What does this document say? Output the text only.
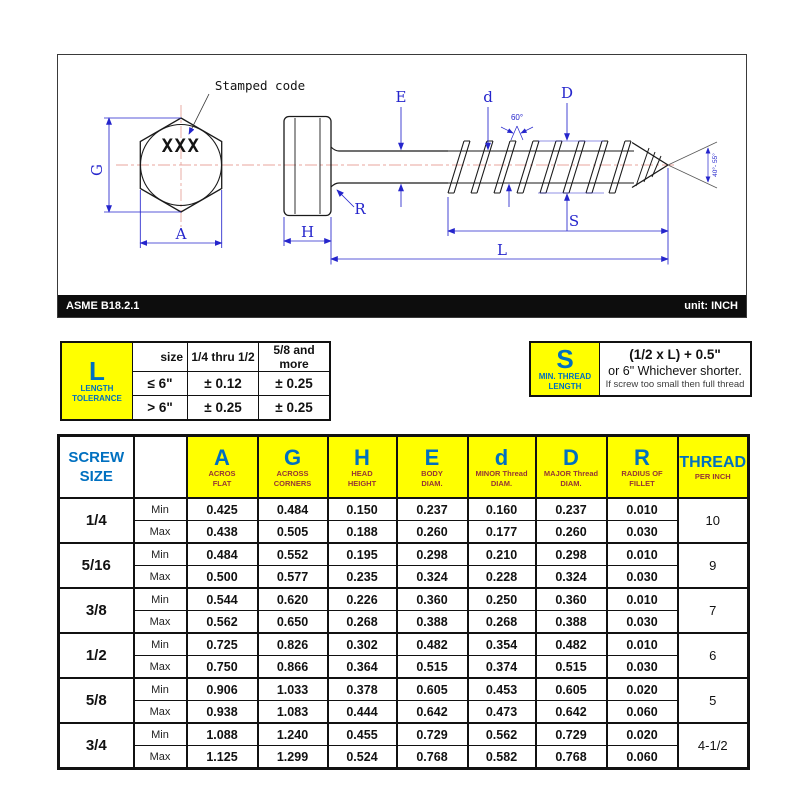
Stamped code
XXX
G
A	H
R
E	d	D
S
L
60°
40°- 55°
ASME B18.2.1	unit: INCH
L
LENGTH
TOLERANCE	size	1/4 thru 1/2	5/8 and more
	≤ 6"	± 0.12	± 0.25
	> 6"	± 0.25	± 0.25
S
MIN. THREAD
LENGTH
(1/2 x L) + 0.5"
or 6" Whichever shorter.
If screw too small then full thread
SCREW
SIZE

A
ACROS
FLAT

G
ACROSS
CORNERS

H
HEAD
HEIGHT

E
BODY
DIAM.

d
MINOR Thread
DIAM.

D
MAJOR Thread
DIAM.

R
RADIUS OF
FILLET

THREAD
PER INCH

1/4	Min	0.425	0.484	0.150	0.237	0.160	0.237	0.010	10
	Max	0.438	0.505	0.188	0.260	0.177	0.260	0.030	
5/16	Min	0.484	0.552	0.195	0.298	0.210	0.298	0.010	9
	Max	0.500	0.577	0.235	0.324	0.228	0.324	0.030	
3/8	Min	0.544	0.620	0.226	0.360	0.250	0.360	0.010	7
	Max	0.562	0.650	0.268	0.388	0.268	0.388	0.030	
1/2	Min	0.725	0.826	0.302	0.482	0.354	0.482	0.010	6
	Max	0.750	0.866	0.364	0.515	0.374	0.515	0.030	
5/8	Min	0.906	1.033	0.378	0.605	0.453	0.605	0.020	5
	Max	0.938	1.083	0.444	0.642	0.473	0.642	0.060	
3/4	Min	1.088	1.240	0.455	0.729	0.562	0.729	0.020	4-1/2
	Max	1.125	1.299	0.524	0.768	0.582	0.768	0.060	
